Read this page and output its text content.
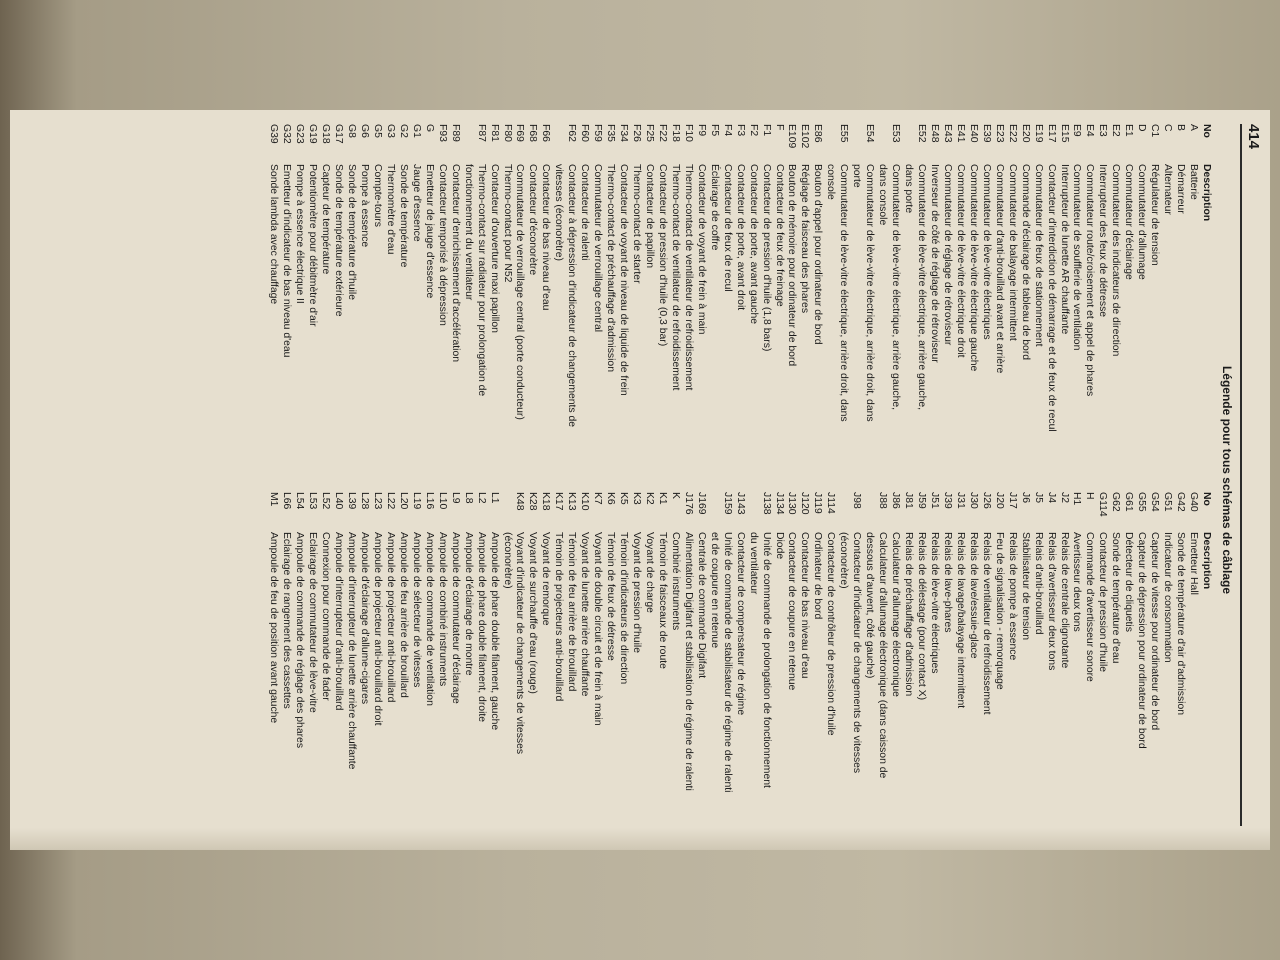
414
Légende pour tous schémas de câblage
No
Description
A
Batterie
B
Démarreur
C
Alternateur
C1
Régulateur de tension
D
Commutateur d'allumage
E1
Commutateur d'éclairage
E2
Commutateur des indicateurs de direction
E3
Interrupteur des feux de détresse
E4
Commutateur route/croisement et appel de phares
E9
Commutateur de soufflerie de ventilation
E15
Interrupteur de lunette AR chauffante
E17
Contacteur d'interdiction de démarrage et de feux de recul
E19
Commutateur de feux de stationnement
E20
Commande d'éclairage de tableau de bord
E22
Commutateur de balayage intermittent
E23
Commutateur d'anti-brouillard avant et arrière
E39
Commutateur de lève-vitre électriques
E40
Commutateur de lève-vitre électrique gauche
E41
Commutateur de lève-vitre électrique droit
E43
Commutateur de réglage de rétroviseur
E48
Inverseur de côté de réglage de rétroviseur
E52
Commutateur de lève-vitre électrique, arrière gauche,
dans porte
E53
Commutateur de lève-vitre électrique, arrière gauche,
dans console
E54
Commutateur de lève-vitre électrique, arrière droit, dans
porte
E55
Commutateur de lève-vitre électrique, arrière droit, dans
console
E86
Bouton d'appel pour ordinateur de bord
E102
Réglage de faisceau des phares
E109
Bouton de mémoire pour ordinateur de bord
F
Contacteur de feux de freinage
F1
Contacteur de pression d'huile (1,8 bars)
F2
Contacteur de porte, avant gauche
F3
Contacteur de porte, avant droit
F4
Contacteur de feux de recul
F5
Éclairage de coffre
F9
Contacteur de voyant de frein à main
F10
Thermo-contact de ventilateur de refroidissement
F18
Thermo-contact de ventilateur de refroidissement
F22
Contacteur de pression d'huile (0,3 bar)
F25
Contacteur de papillon
F26
Thermo-contact de starter
F34
Contacteur de voyant de niveau de liquide de frein
F35
Thermo-contact de préchauffage d'admission
F59
Commutateur de verrouillage central
F60
Contacteur de ralenti
F62
Contacteur à dépression d'indicateur de changements de
vitesses (éconorètre)
F66
Contacteur de bas niveau d'eau
F68
Contacteur d'éconorètre
F69
Commutateur de verrouillage central (porte conducteur)
F80
Thermo-contact pour N52
F81
Contacteur d'ouverture maxi papillon
F87
Thermo-contact sur radiateur pour prolongation de
fonctionnement du ventilateur
F89
Contacteur d'enrichissement d'accélération
F93
Contacteur temporisé à dépression
G
Emetteur de jauge d'essence
G1
Jauge d'essence
G2
Sonde de température
G3
Thermomètre d'eau
G5
Compte-tours
G6
Pompe à essence
G8
Sonde de température d'huile
G17
Sonde de température extérieure
G18
Capteur de température
G19
Potentiomètre pour débitmètre d'air
G23
Pompe à essence électrique II
G32
Emetteur d'indicateur de bas niveau d'eau
G39
Sonde lambda avec chauffage
No
Description
G40
Emetteur Hall
G42
Sonde de température d'air d'admission
G51
Indicateur de consommation
G54
Capteur de vitesse pour ordinateur de bord
G55
Capteur de dépression pour ordinateur de bord
G61
Détecteur de cliquetis
G62
Sonde de température d'eau
G114
Contacteur de pression d'huile
H
Commande d'avertisseur sonore
H1
Avertisseur deux tons
J2
Relais de centrale clignotante
J4
Relais d'avertisseur deux tons
J5
Relais d'anti-brouillard
J6
Stabilisateur de tension
J17
Relais de pompe à essence
J20
Feu de signalisation - remorquage
J26
Relais de ventilateur de refroidissement
J30
Relais de lave/essuie-glace
J31
Relais de lavage/balayage intermittent
J39
Relais de lave-phares
J51
Relais de lève-vitre électriques
J59
Relais de délestage (pour contact X)
J81
Relais de préchauffage d'admission
J86
Calculateur d'allumage électronique
J88
Calculateur d'allumage électronique (dans caisson de
dessous d'auvent, côté gauche)
J98
Contacteur d'indicateur de changements de vitesses
(éconorètre)
J114
Contacteur de contrôleur de pression d'huile
J119
Ordinateur de bord
J120
Contacteur de bas niveau d'eau
J130
Contacteur de coupure en retenue
J134
Diode
J138
Unité de commande de prolongation de fonctionnement
du ventilateur
J143
Contacteur de compensateur de régime
J159
Unité de commande de stabilisateur de régime de ralenti
et de coupure en retenue
J169
Centrale de commande Digifant
J176
Alimentation Digifant et stabilisation de régime de ralenti
K
Combiné instruments
K1
Témoin de faisceaux de route
K2
Voyant de charge
K3
Voyant de pression d'huile
K5
Témoin d'indicateurs de direction
K6
Témoin de feux de détresse
K7
Voyant de double circuit et de frein à main
K10
Voyant de lunette arrière chauffante
K13
Témoin de feu arrière de brouillard
K17
Témoin de projecteurs anti-brouillard
K18
Voyant de remorque
K28
Voyant de surchauffe d'eau (rouge)
K48
Voyant d'indicateur de changements de vitesses
(éconorètre)
L1
Ampoule de phare double filament, gauche
L2
Ampoule de phare double filament, droite
L8
Ampoule d'éclairage de montre
L9
Ampoule de commutateur d'éclairage
L10
Ampoule de combiné instruments
L16
Ampoule de commande de ventilation
L19
Ampoule de sélecteur de vitesses
L20
Ampoule de feu arrière de brouillard
L22
Ampoule de projecteur anti-brouillard
L23
Ampoule de projecteur anti-brouillard droit
L28
Ampoule d'éclairage d'allume-cigares
L39
Ampoule d'interrupteur de lunette arrière chauffante
L40
Ampoule d'interrupteur d'anti-brouillard
L52
Connexion pour commande de fader
L53
Eclairage de commutateur de lève-vitre
L54
Ampoule de commande de réglage des phares
L66
Eclairage de rangement des cassettes
M1
Ampoule de feu de position avant gauche
